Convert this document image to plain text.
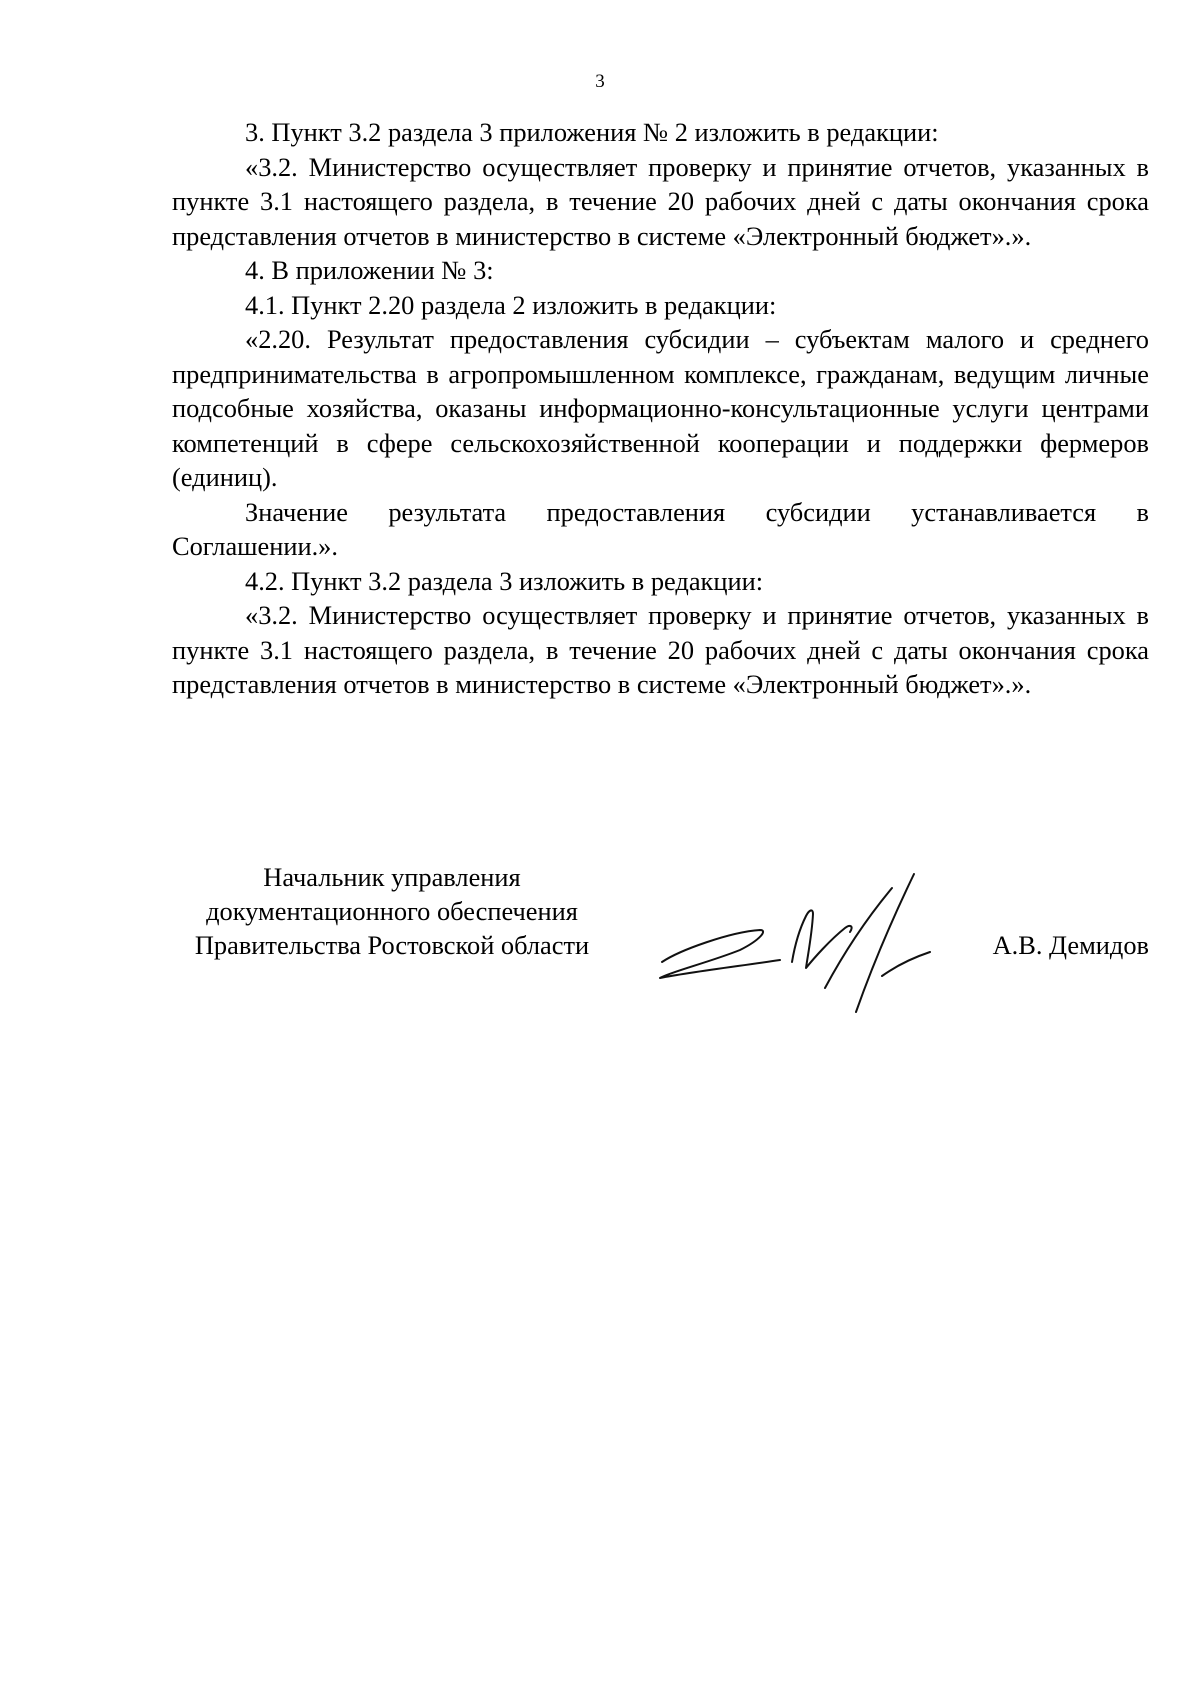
3

3. Пункт 3.2 раздела 3 приложения № 2 изложить в редакции:

«3.2. Министерство осуществляет проверку и принятие отчетов, указанных в пункте 3.1 настоящего раздела, в течение 20 рабочих дней с даты окончания срока представления отчетов в министерство в системе «Электронный бюджет».».

4. В приложении № 3:

4.1. Пункт 2.20 раздела 2 изложить в редакции:

«2.20. Результат предоставления субсидии – субъектам малого и среднего предпринимательства в агропромышленном комплексе, гражданам, ведущим личные подсобные хозяйства, оказаны информационно-консультационные услуги центрами компетенций в сфере сельскохозяйственной кооперации и поддержки фермеров (единиц).

Значение результата предоставления субсидии устанавливается в Соглашении.».

4.2. Пункт 3.2 раздела 3 изложить в редакции:

«3.2. Министерство осуществляет проверку и принятие отчетов, указанных в пункте 3.1 настоящего раздела, в течение 20 рабочих дней с даты окончания срока представления отчетов в министерство в системе «Электронный бюджет».».

Начальник управления
документационного обеспечения
Правительства Ростовской области	А.В. Демидов
